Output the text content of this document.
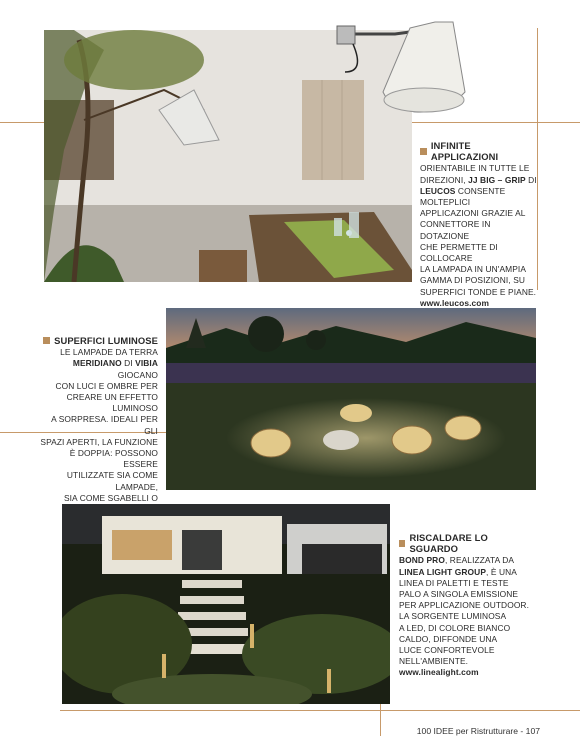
INFINITE APPLICAZIONI
ORIENTABILE IN TUTTE LE
DIREZIONI, JJ BIG – GRIP DI
LEUCOS CONSENTE MOLTEPLICI
APPLICAZIONI GRAZIE AL
CONNETTORE IN DOTAZIONE
CHE PERMETTE DI COLLOCARE
LA LAMPADA IN UN'AMPIA
GAMMA DI POSIZIONI, SU
SUPERFICI TONDE E PIANE.
www.leucos.com
SUPERFICI LUMINOSE
LE LAMPADE DA TERRA
MERIDIANO DI VIBIA GIOCANO
CON LUCI E OMBRE PER
CREARE UN EFFETTO LUMINOSO
A SORPRESA. IDEALI PER GLI
SPAZI APERTI, LA FUNZIONE
È DOPPIA: POSSONO ESSERE
UTILIZZATE SIA COME LAMPADE,
SIA COME SGABELLI O
RISCALDARE LO SGUARDO
BOND PRO, REALIZZATA DA
LINEA LIGHT GROUP, È UNA
LINEA DI PALETTI E TESTE
PALO A SINGOLA EMISSIONE
PER APPLICAZIONE OUTDOOR.
LA SORGENTE LUMINOSA
A LED, DI COLORE BIANCO
CALDO, DIFFONDE UNA
LUCE CONFORTEVOLE
NELL'AMBIENTE.
www.linealight.com
100 IDEE per Ristrutturare - 107
